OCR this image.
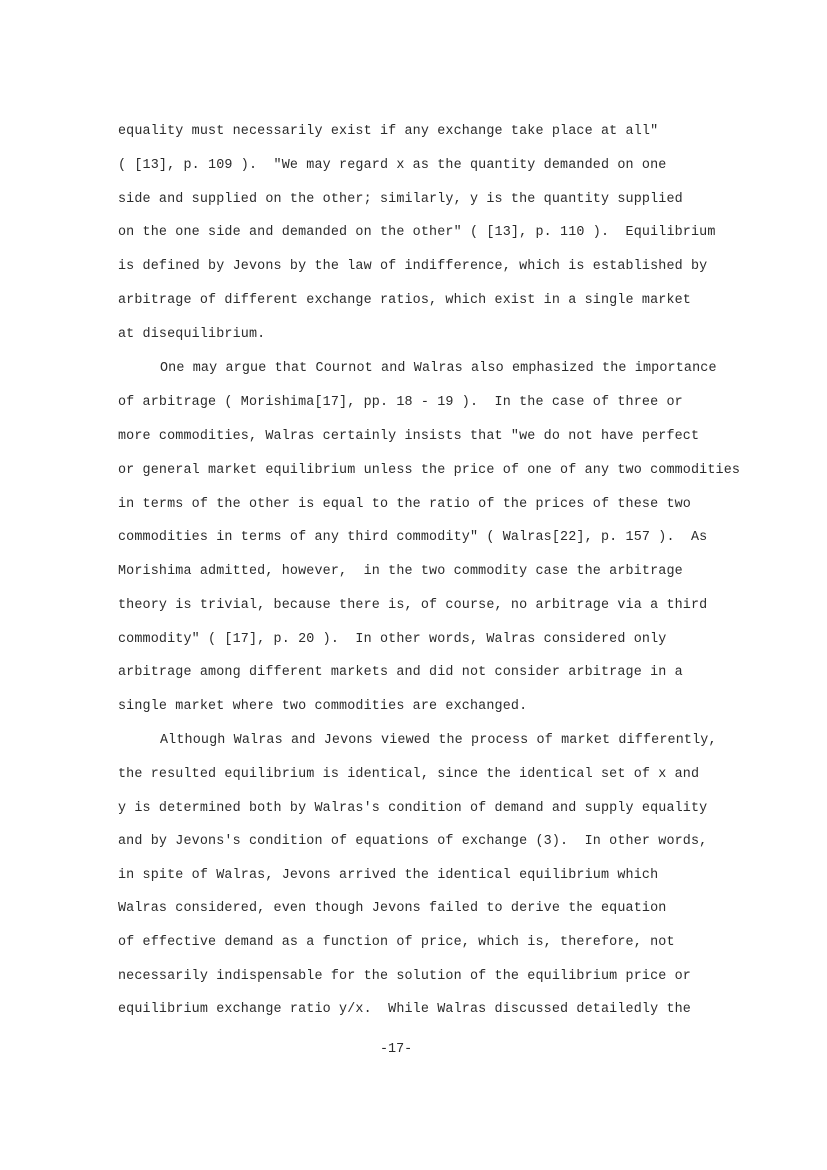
equality must necessarily exist if any exchange take place at all"
( [13], p. 109 ).  "We may regard x as the quantity demanded on one
side and supplied on the other; similarly, y is the quantity supplied
on the one side and demanded on the other" ( [13], p. 110 ).  Equilibrium
is defined by Jevons by the law of indifference, which is established by
arbitrage of different exchange ratios, which exist in a single market
at disequilibrium.
One may argue that Cournot and Walras also emphasized the importance
of arbitrage ( Morishima[17], pp. 18 - 19 ).  In the case of three or
more commodities, Walras certainly insists that "we do not have perfect
or general market equilibrium unless the price of one of any two commodities
in terms of the other is equal to the ratio of the prices of these two
commodities in terms of any third commodity" ( Walras[22], p. 157 ).  As
Morishima admitted, however,  in the two commodity case the arbitrage
theory is trivial, because there is, of course, no arbitrage via a third
commodity" ( [17], p. 20 ).  In other words, Walras considered only
arbitrage among different markets and did not consider arbitrage in a
single market where two commodities are exchanged.
Although Walras and Jevons viewed the process of market differently,
the resulted equilibrium is identical, since the identical set of x and
y is determined both by Walras's condition of demand and supply equality
and by Jevons's condition of equations of exchange (3).  In other words,
in spite of Walras, Jevons arrived the identical equilibrium which
Walras considered, even though Jevons failed to derive the equation
of effective demand as a function of price, which is, therefore, not
necessarily indispensable for the solution of the equilibrium price or
equilibrium exchange ratio y/x.  While Walras discussed detailedly the
-17-
